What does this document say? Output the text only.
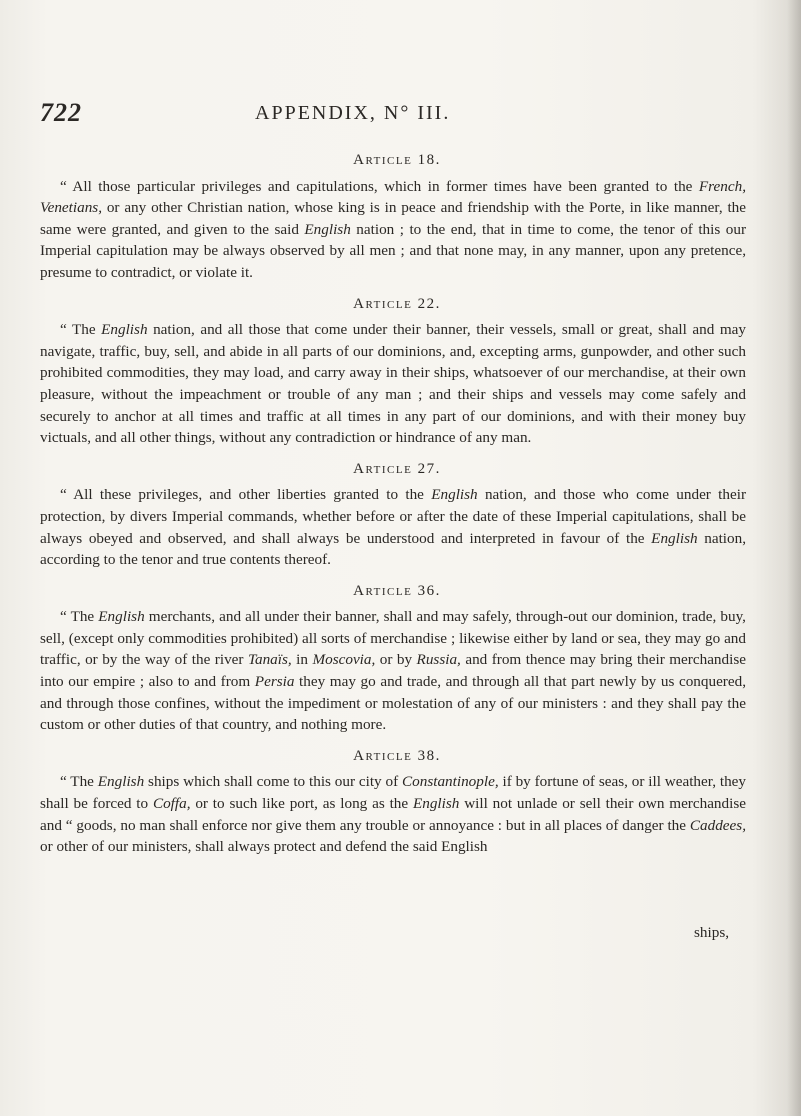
722	APPENDIX, N° III.
Article 18.

“ All those particular privileges and capitulations, which in former times have been granted to the French, Venetians, or any other Christian nation, whose king is in peace and friendship with the Porte, in like manner, the same were granted, and given to the said English nation ; to the end, that in time to come, the tenor of this our Imperial capitulation may be always observed by all men ; and that none may, in any manner, upon any pretence, presume to contradict, or violate it.

Article 22.

“ The English nation, and all those that come under their banner, their vessels, small or great, shall and may navigate, traffic, buy, sell, and abide in all parts of our dominions, and, excepting arms, gunpowder, and other such prohibited commodities, they may load, and carry away in their ships, whatsoever of our merchandise, at their own pleasure, without the impeachment or trouble of any man ; and their ships and vessels may come safely and securely to anchor at all times and traffic at all times in any part of our dominions, and with their money buy victuals, and all other things, without any contradiction or hindrance of any man.

Article 27.

“ All these privileges, and other liberties granted to the English nation, and those who come under their protection, by divers Imperial commands, whether before or after the date of these Imperial capitulations, shall be always obeyed and observed, and shall always be understood and interpreted in favour of the English nation, according to the tenor and true contents thereof.

Article 36.

“ The English merchants, and all under their banner, shall and may safely, through-out our dominion, trade, buy, sell, (except only commodities prohibited) all sorts of merchandise ; likewise either by land or sea, they may go and traffic, or by the way of the river Tanaïs, in Moscovia, or by Russia, and from thence may bring their merchandise into our empire ; also to and from Persia they may go and trade, and through all that part newly by us conquered, and through those confines, without the impediment or molestation of any of our ministers : and they shall pay the custom or other duties of that country, and nothing more.

Article 38.

“ The English ships which shall come to this our city of Constantinople, if by fortune of seas, or ill weather, they shall be forced to Coffa, or to such like port, as long as the English will not unlade or sell their own merchandise and “ goods, no man shall enforce nor give them any trouble or annoyance : but in all places of danger the Caddees, or other of our ministers, shall always protect and defend the said English

ships,
